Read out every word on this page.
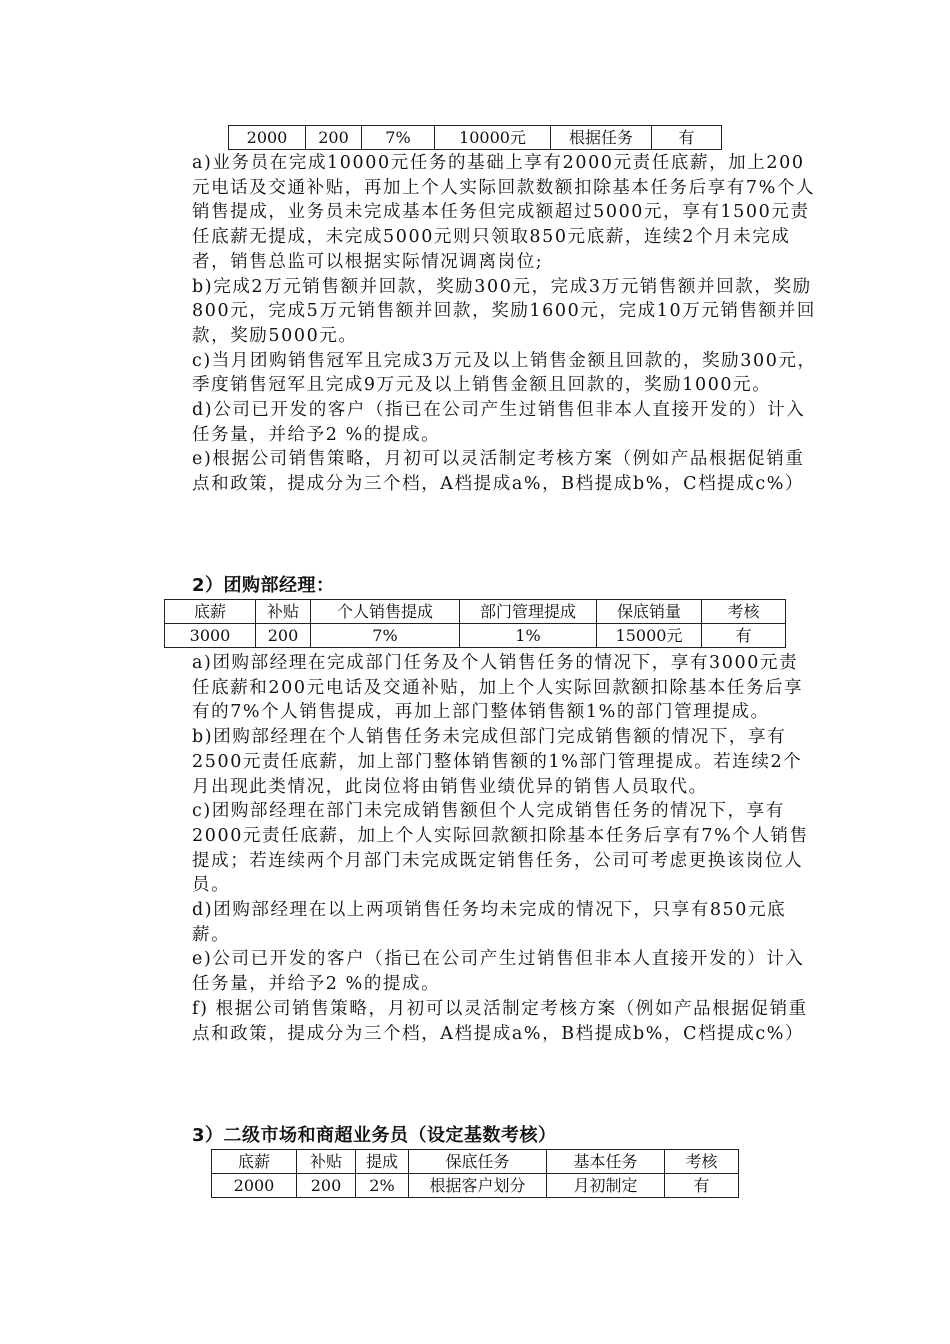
2000	200	7%	10000元	根据任务	有

a)业务员在完成10000元任务的基础上享有2000元责任底薪，加上200元电话及交通补贴，再加上个人实际回款数额扣除基本任务后享有7%个人销售提成，业务员未完成基本任务但完成额超过5000元，享有1500元责任底薪无提成，未完成5000元则只领取850元底薪，连续2个月未完成者，销售总监可以根据实际情况调离岗位;

b)完成2万元销售额并回款，奖励300元，完成3万元销售额并回款，奖励800元，完成5万元销售额并回款，奖励1600元，完成10万元销售额并回款，奖励5000元。

c)当月团购销售冠军且完成3万元及以上销售金额且回款的，奖励300元，季度销售冠军且完成9万元及以上销售金额且回款的，奖励1000元。

d)公司已开发的客户（指已在公司产生过销售但非本人直接开发的）计入任务量，并给予2 %的提成。

e)根据公司销售策略，月初可以灵活制定考核方案（例如产品根据促销重点和政策，提成分为三个档，A档提成a%，B档提成b%，C档提成c%）

2）团购部经理：
底薪	补贴	个人销售提成	部门管理提成	保底销量	考核
3000	200	7%	1%	15000元	有

a)团购部经理在完成部门任务及个人销售任务的情况下，享有3000元责任底薪和200元电话及交通补贴，加上个人实际回款额扣除基本任务后享有的7%个人销售提成，再加上部门整体销售额1%的部门管理提成。

b)团购部经理在个人销售任务未完成但部门完成销售额的情况下，享有2500元责任底薪，加上部门整体销售额的1%部门管理提成。若连续2个月出现此类情况，此岗位将由销售业绩优异的销售人员取代。

c)团购部经理在部门未完成销售额但个人完成销售任务的情况下，享有2000元责任底薪，加上个人实际回款额扣除基本任务后享有7%个人销售提成；若连续两个月部门未完成既定销售任务，公司可考虑更换该岗位人员。

d)团购部经理在以上两项销售任务均未完成的情况下，只享有850元底薪。

e)公司已开发的客户（指已在公司产生过销售但非本人直接开发的）计入任务量，并给予2 %的提成。

f) 根据公司销售策略，月初可以灵活制定考核方案（例如产品根据促销重点和政策，提成分为三个档，A档提成a%，B档提成b%，C档提成c%）

3）二级市场和商超业务员（设定基数考核）
底薪	补贴	提成	保底任务	基本任务	考核
2000	200	2%	根据客户划分	月初制定	有
